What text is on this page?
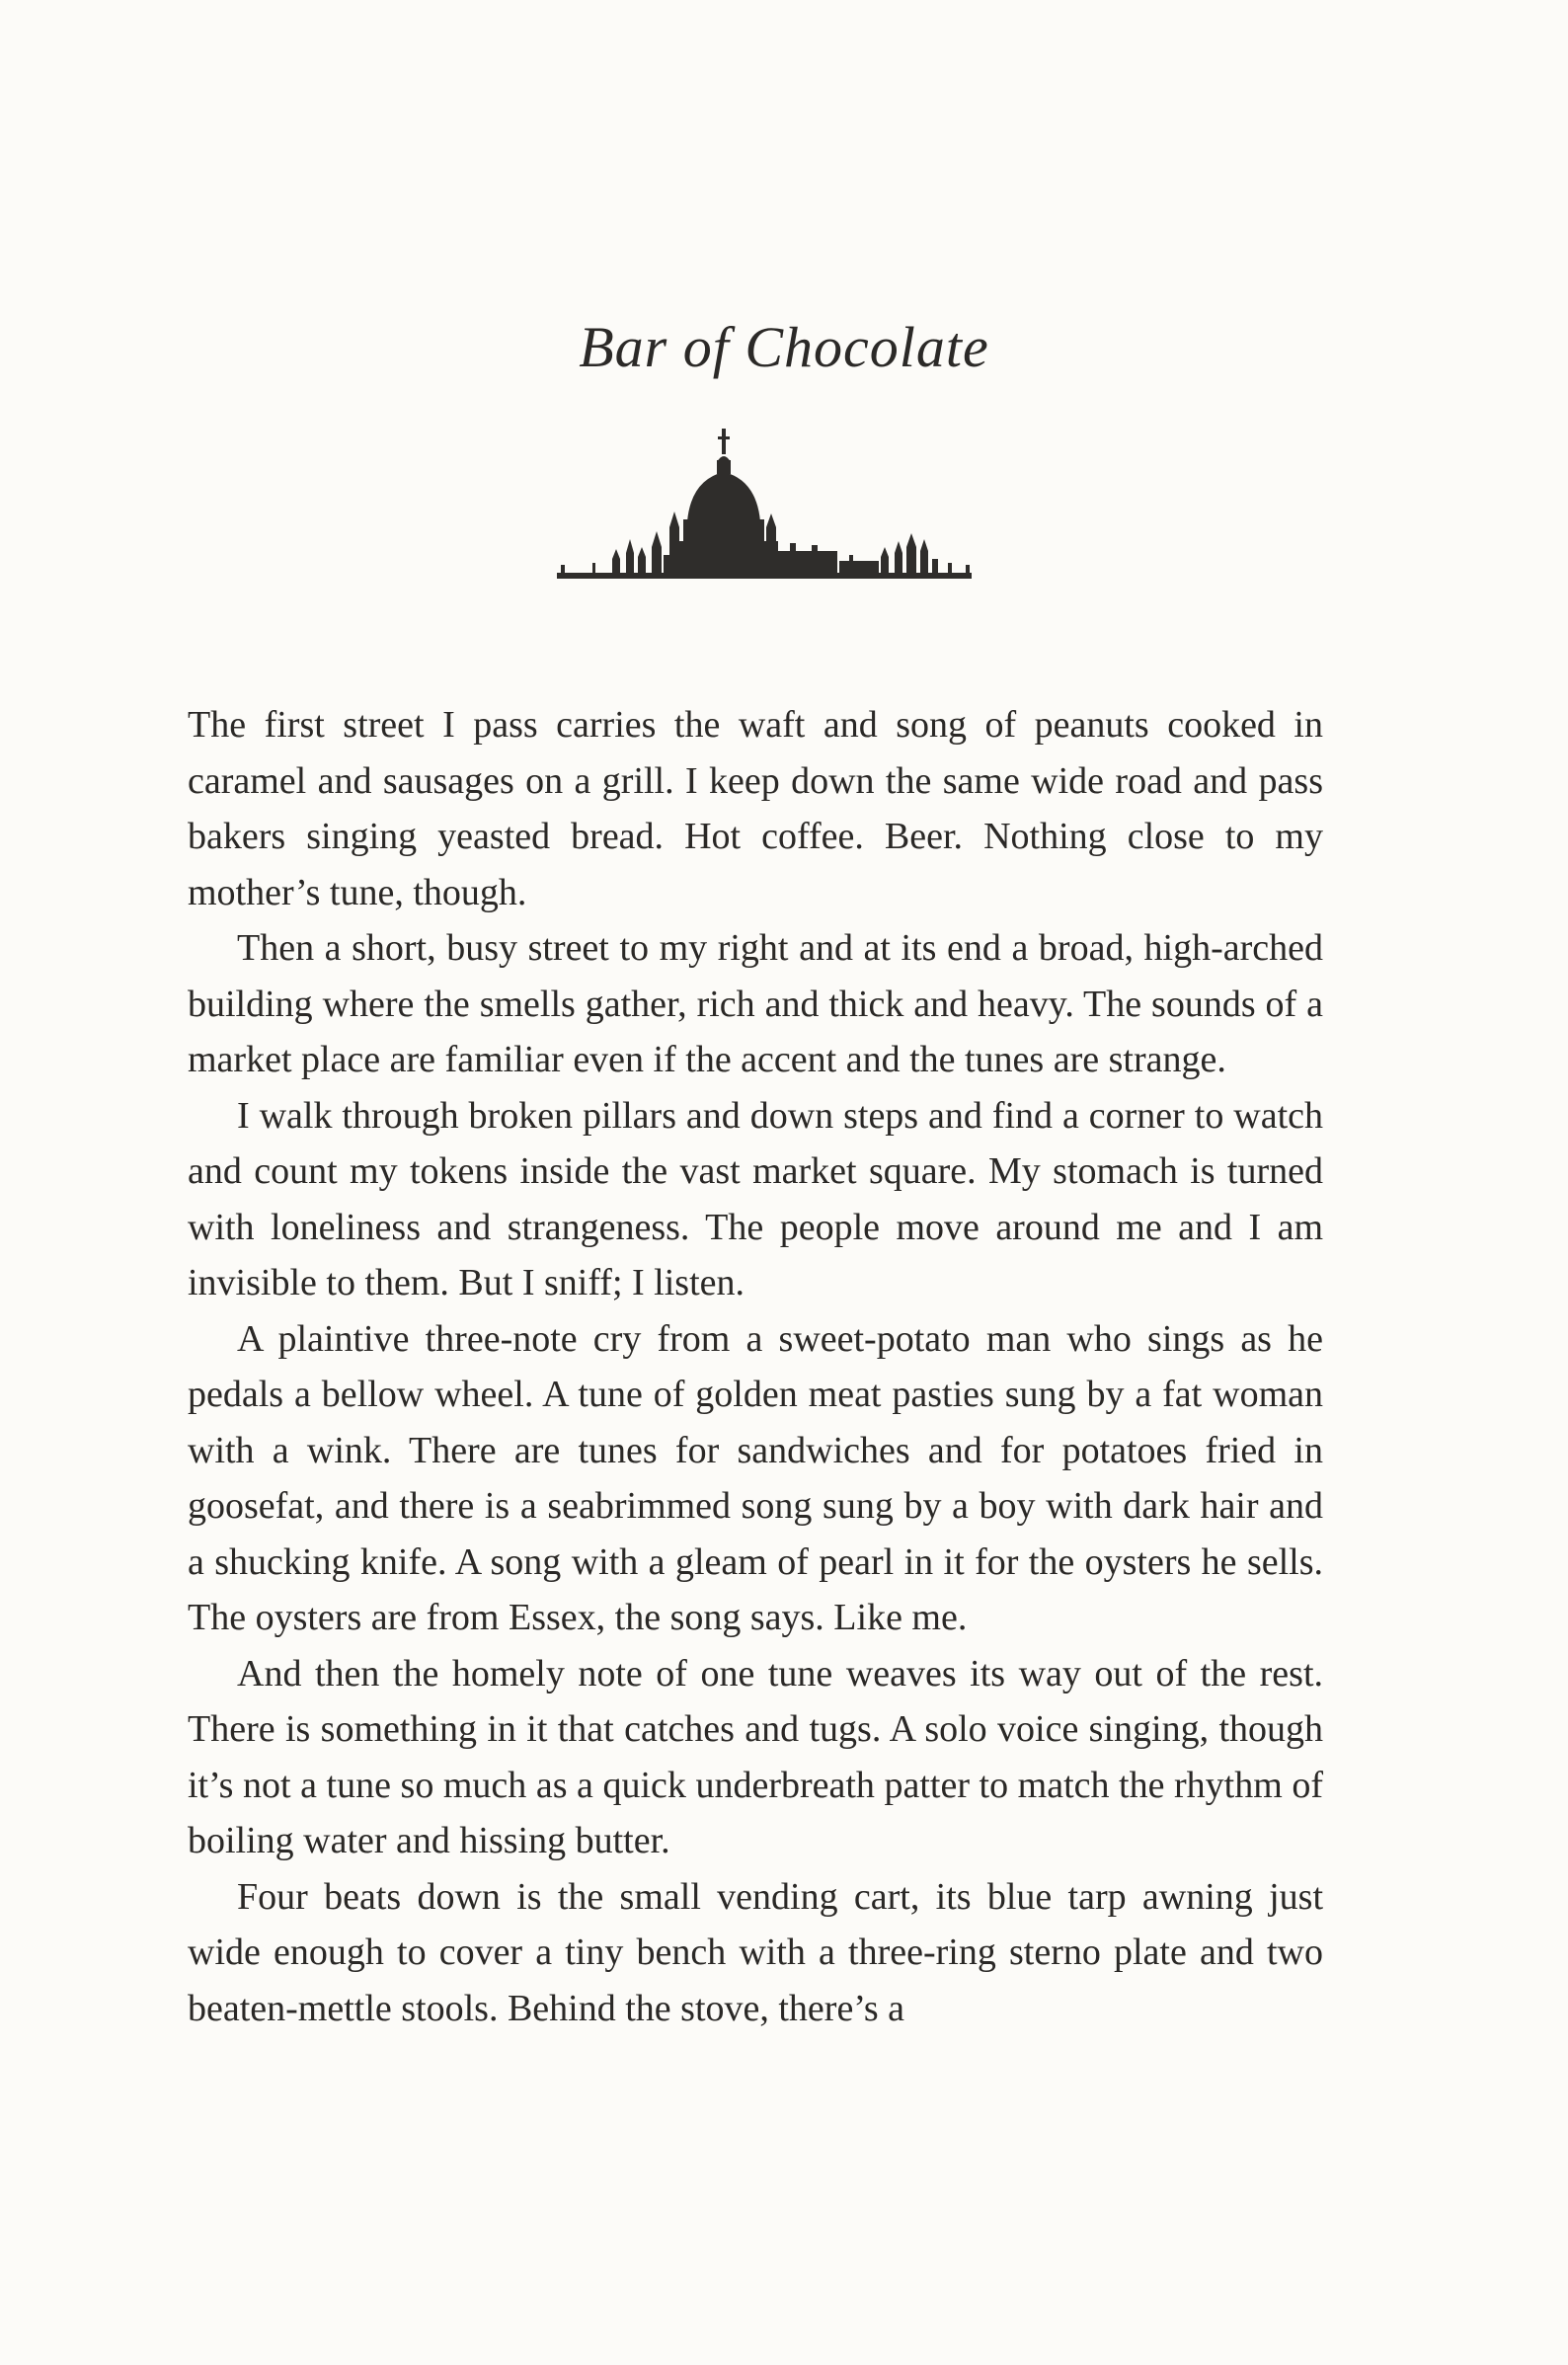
Bar of Chocolate

The first street I pass carries the waft and song of peanuts cooked in caramel and sausages on a grill. I keep down the same wide road and pass bakers singing yeasted bread. Hot coffee. Beer. Nothing close to my mother’s tune, though.

Then a short, busy street to my right and at its end a broad, high-arched building where the smells gather, rich and thick and heavy. The sounds of a market place are familiar even if the accent and the tunes are strange.

I walk through broken pillars and down steps and find a corner to watch and count my tokens inside the vast market square. My stomach is turned with loneliness and strangeness. The people move around me and I am invisible to them. But I sniff; I listen.

A plaintive three-note cry from a sweet-potato man who sings as he pedals a bellow wheel. A tune of golden meat pasties sung by a fat woman with a wink. There are tunes for sandwiches and for potatoes fried in goosefat, and there is a seabrimmed song sung by a boy with dark hair and a shucking knife. A song with a gleam of pearl in it for the oysters he sells. The oysters are from Essex, the song says. Like me.

And then the homely note of one tune weaves its way out of the rest. There is something in it that catches and tugs. A solo voice singing, though it’s not a tune so much as a quick underbreath patter to match the rhythm of boiling water and hissing butter.

Four beats down is the small vending cart, its blue tarp awning just wide enough to cover a tiny bench with a three-ring sterno plate and two beaten-mettle stools. Behind the stove, there’s a
